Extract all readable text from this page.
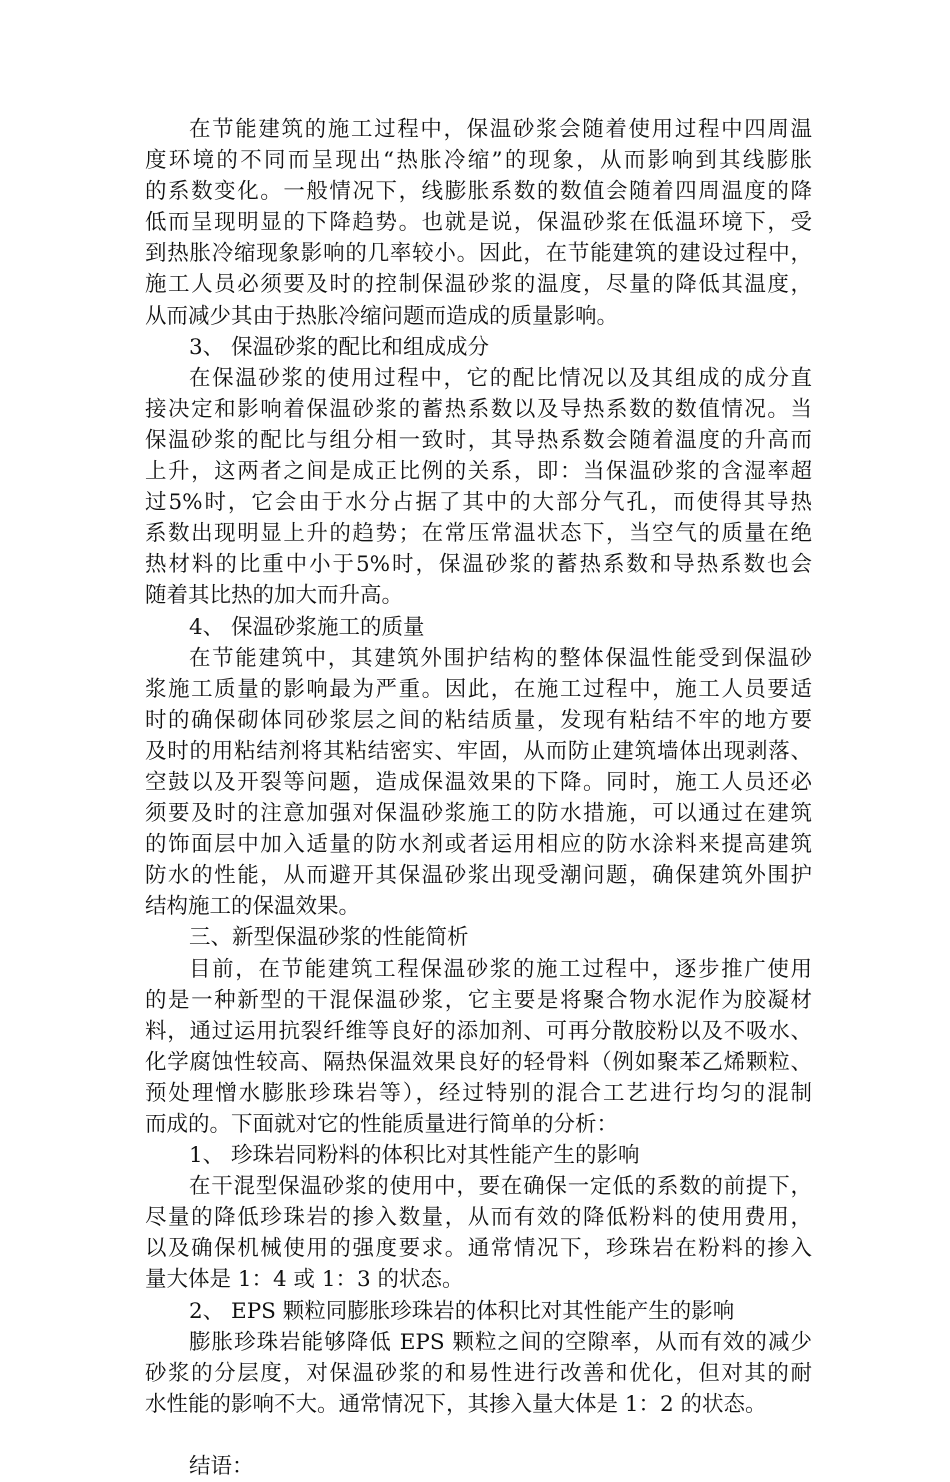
在节能建筑的施工过程中，保温砂浆会随着使用过程中四周温
度环境的不同而呈现出“热胀冷缩”的现象，从而影响到其线膨胀
的系数变化。一般情况下，线膨胀系数的数值会随着四周温度的降
低而呈现明显的下降趋势。也就是说，保温砂浆在低温环境下，受
到热胀冷缩现象影响的几率较小。因此，在节能建筑的建设过程中，
施工人员必须要及时的控制保温砂浆的温度，尽量的降低其温度，
从而减少其由于热胀冷缩问题而造成的质量影响。
3、 保温砂浆的配比和组成成分
在保温砂浆的使用过程中，它的配比情况以及其组成的成分直
接决定和影响着保温砂浆的蓄热系数以及导热系数的数值情况。当
保温砂浆的配比与组分相一致时，其导热系数会随着温度的升高而
上升，这两者之间是成正比例的关系，即：当保温砂浆的含湿率超
过5%时，它会由于水分占据了其中的大部分气孔，而使得其导热
系数出现明显上升的趋势；在常压常温状态下，当空气的质量在绝
热材料的比重中小于5%时，保温砂浆的蓄热系数和导热系数也会
随着其比热的加大而升高。
4、 保温砂浆施工的质量
在节能建筑中，其建筑外围护结构的整体保温性能受到保温砂
浆施工质量的影响最为严重。因此，在施工过程中，施工人员要适
时的确保砌体同砂浆层之间的粘结质量，发现有粘结不牢的地方要
及时的用粘结剂将其粘结密实、牢固，从而防止建筑墙体出现剥落、
空鼓以及开裂等问题，造成保温效果的下降。同时，施工人员还必
须要及时的注意加强对保温砂浆施工的防水措施，可以通过在建筑
的饰面层中加入适量的防水剂或者运用相应的防水涂料来提高建筑
防水的性能，从而避开其保温砂浆出现受潮问题，确保建筑外围护
结构施工的保温效果。
三、新型保温砂浆的性能简析
目前，在节能建筑工程保温砂浆的施工过程中，逐步推广使用
的是一种新型的干混保温砂浆，它主要是将聚合物水泥作为胶凝材
料，通过运用抗裂纤维等良好的添加剂、可再分散胶粉以及不吸水、
化学腐蚀性较高、隔热保温效果良好的轻骨料（例如聚苯乙烯颗粒、
预处理憎水膨胀珍珠岩等），经过特别的混合工艺进行均匀的混制
而成的。下面就对它的性能质量进行简单的分析：
1、 珍珠岩同粉料的体积比对其性能产生的影响
在干混型保温砂浆的使用中，要在确保一定低的系数的前提下，
尽量的降低珍珠岩的掺入数量，从而有效的降低粉料的使用费用，
以及确保机械使用的强度要求。通常情况下，珍珠岩在粉料的掺入
量大体是 1：4 或 1：3 的状态。
2、 EPS 颗粒同膨胀珍珠岩的体积比对其性能产生的影响
膨胀珍珠岩能够降低 EPS 颗粒之间的空隙率，从而有效的减少
砂浆的分层度，对保温砂浆的和易性进行改善和优化，但对其的耐
水性能的影响不大。通常情况下，其掺入量大体是 1：2 的状态。
结语：
